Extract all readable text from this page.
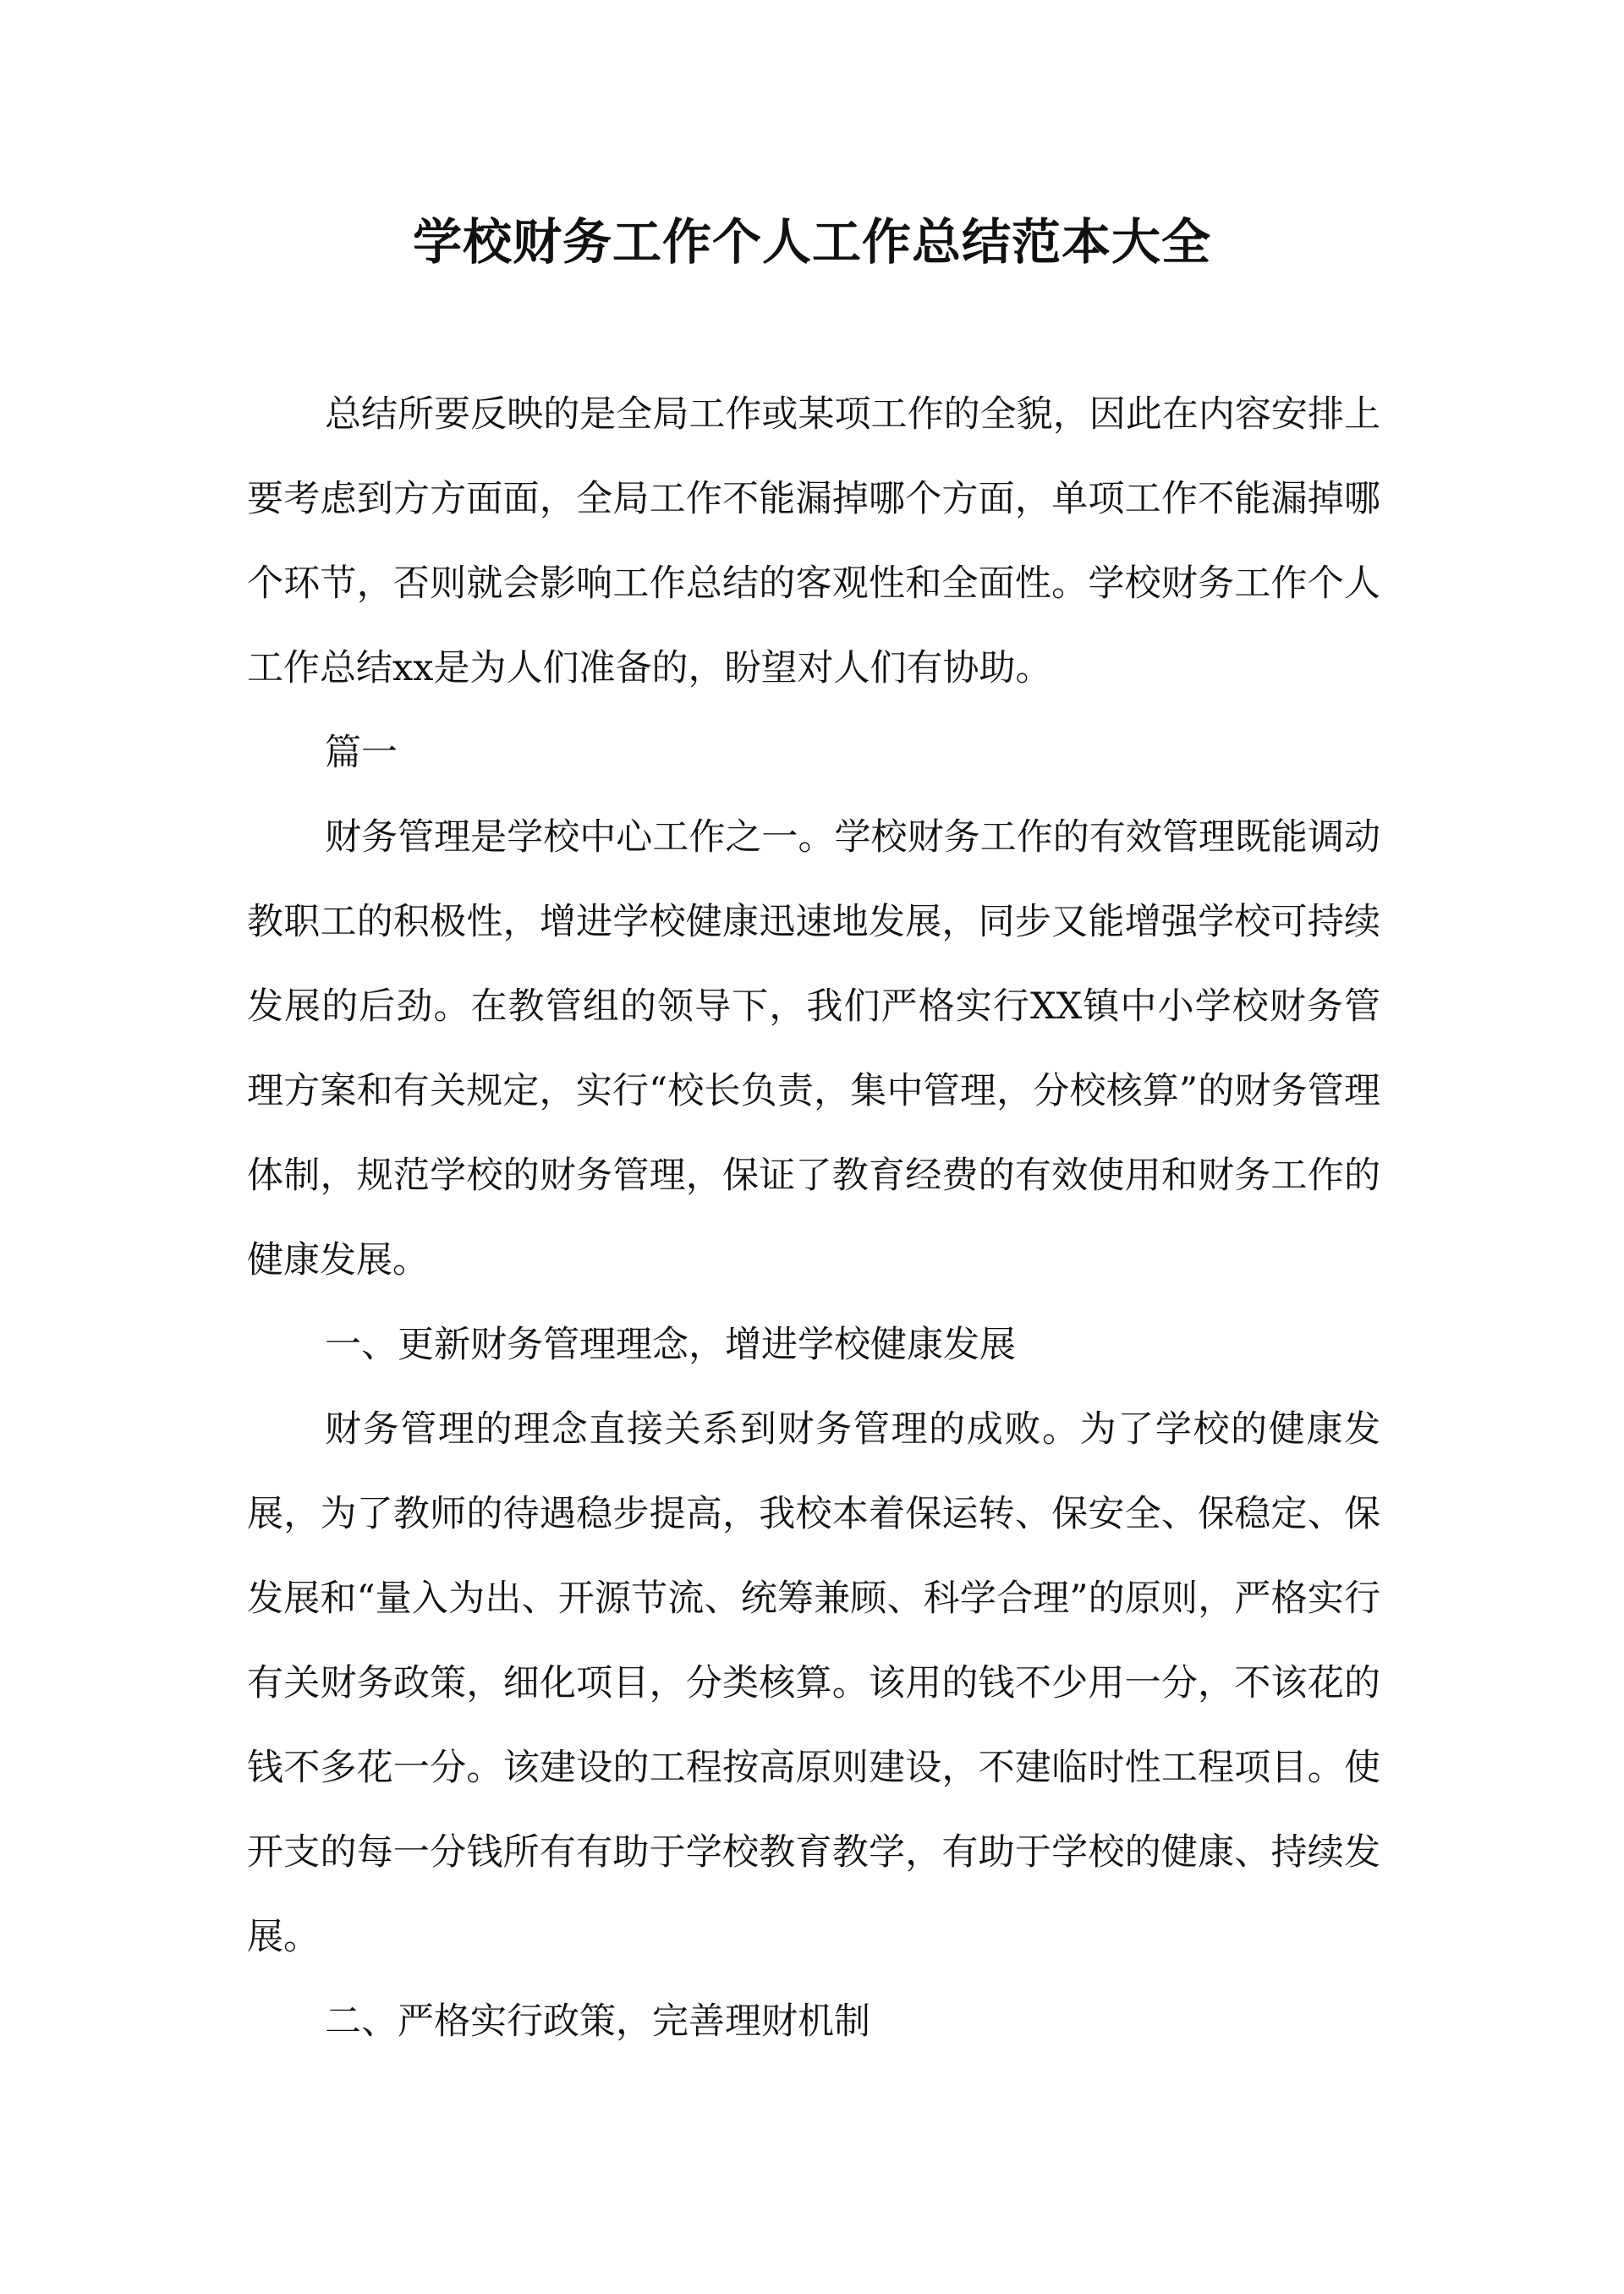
学校财务工作个人工作总结范本大全

总结所要反映的是全局工作或某项工作的全貌，因此在内容安排上要考虑到方方面面，全局工作不能漏掉哪个方面，单项工作不能漏掉哪个环节，否则就会影响工作总结的客观性和全面性。学校财务工作个人工作总结xx是为人们准备的，盼望对人们有协助。

篇一

财务管理是学校中心工作之一。学校财务工作的有效管理既能调动教职工的积极性，增进学校健康迅速地发展，同步又能增强学校可持续发展的后劲。在教管组的领导下，我们严格实行XX镇中小学校财务管理方案和有关规定，实行“校长负责，集中管理，分校核算”的财务管理体制，规范学校的财务管理，保证了教育经费的有效使用和财务工作的健康发展。

一、更新财务管理理念，增进学校健康发展

财务管理的理念直接关系到财务管理的成败。为了学校的健康发展，为了教师的待遇稳步提高，我校本着保运转、保安全、保稳定、保发展和“量入为出、开源节流、统筹兼顾、科学合理”的原则，严格实行有关财务政策，细化项目，分类核算。该用的钱不少用一分，不该花的钱不多花一分。该建设的工程按高原则建设，不建临时性工程项目。使开支的每一分钱所有有助于学校教育教学，有助于学校的健康、持续发展。

二、严格实行政策，完善理财机制
